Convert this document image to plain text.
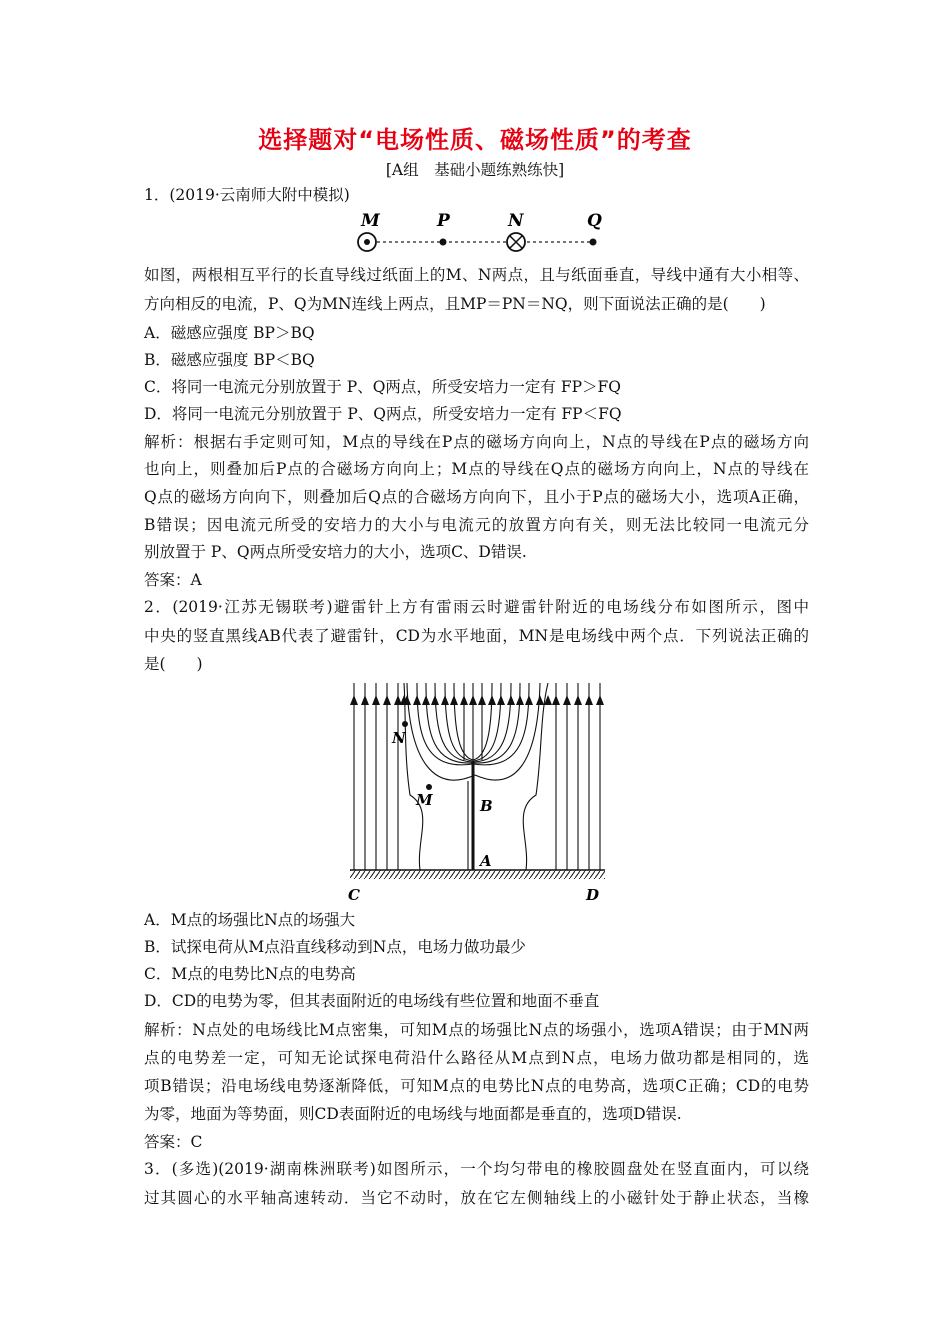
选择题对“电场性质、磁场性质”的考查
[A组　基础小题练熟练快]
1．(2019·云南师大附中模拟)
M	P	N	Q
如图，两根相互平行的长直导线过纸面上的M、N两点，且与纸面垂直，导线中通有大小相等、
方向相反的电流，P、Q为MN连线上两点，且MP＝PN＝NQ，则下面说法正确的是(　　)
A．磁感应强度 BP＞BQ
B．磁感应强度 BP＜BQ
C．将同一电流元分别放置于 P、Q两点，所受安培力一定有 FP＞FQ
D．将同一电流元分别放置于 P、Q两点，所受安培力一定有 FP＜FQ
解析：根据右手定则可知，M点的导线在P点的磁场方向向上，N点的导线在P点的磁场方向
也向上，则叠加后P点的合磁场方向向上；M点的导线在Q点的磁场方向向上，N点的导线在
Q点的磁场方向向下，则叠加后Q点的合磁场方向向下，且小于P点的磁场大小，选项A正确，
B错误；因电流元所受的安培力的大小与电流元的放置方向有关，则无法比较同一电流元分
别放置于 P、Q两点所受安培力的大小，选项C、D错误.
答案：A
2．(2019·江苏无锡联考)避雷针上方有雷雨云时避雷针附近的电场线分布如图所示，图中
中央的竖直黑线AB代表了避雷针，CD为水平地面，MN是电场线中两个点．下列说法正确的
是(　　)
N
M	B
A
C	D
A．M点的场强比N点的场强大
B．试探电荷从M点沿直线移动到N点，电场力做功最少
C．M点的电势比N点的电势高
D．CD的电势为零，但其表面附近的电场线有些位置和地面不垂直
解析：N点处的电场线比M点密集，可知M点的场强比N点的场强小，选项A错误；由于MN两
点的电势差一定，可知无论试探电荷沿什么路径从M点到N点，电场力做功都是相同的，选
项B错误；沿电场线电势逐渐降低，可知M点的电势比N点的电势高，选项C正确；CD的电势
为零，地面为等势面，则CD表面附近的电场线与地面都是垂直的，选项D错误.
答案：C
3．(多选)(2019·湖南株洲联考)如图所示，一个均匀带电的橡胶圆盘处在竖直面内，可以绕
过其圆心的水平轴高速转动．当它不动时，放在它左侧轴线上的小磁针处于静止状态，当橡
